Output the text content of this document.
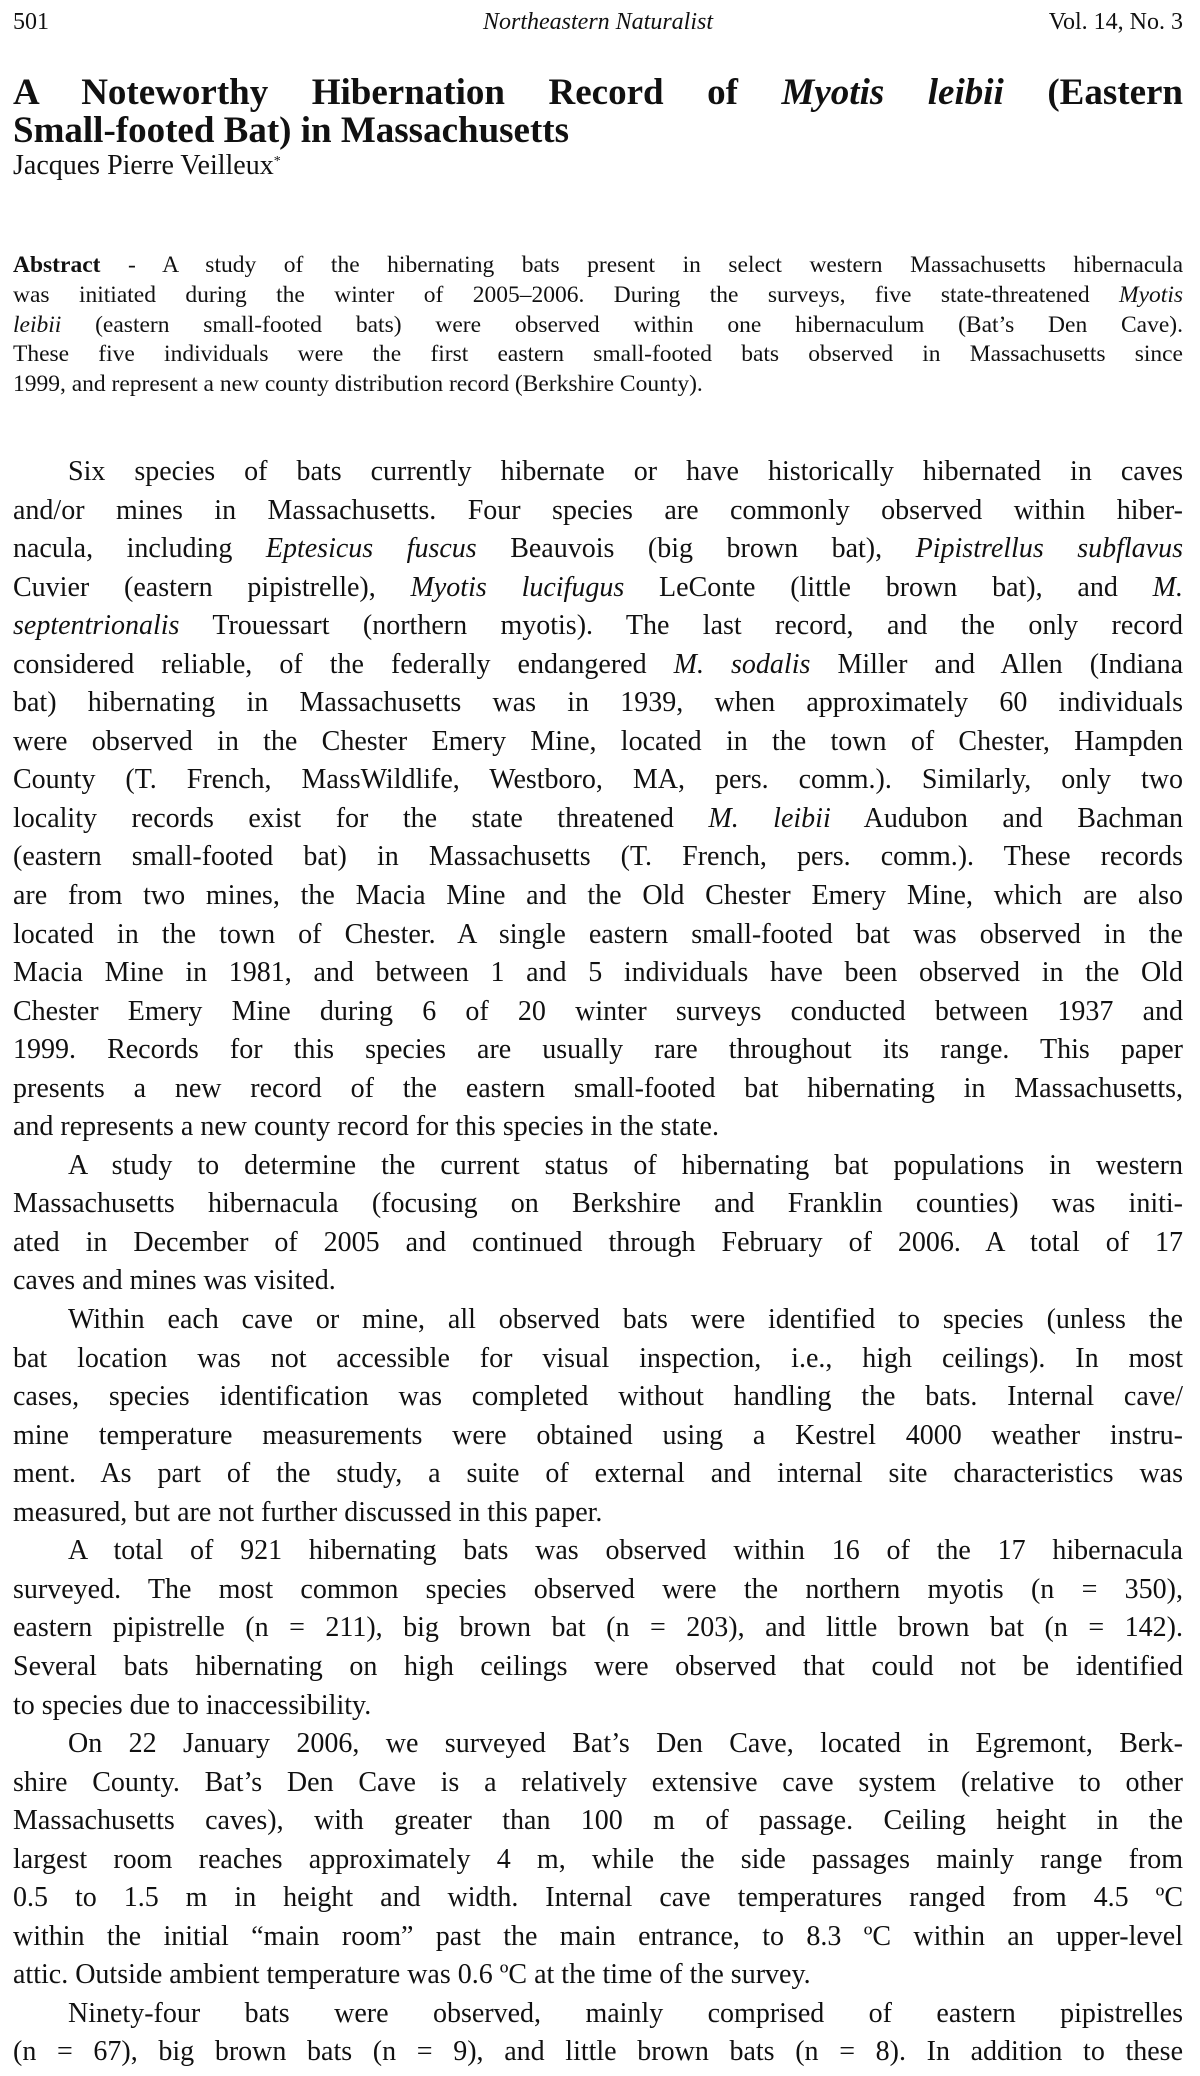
501	Northeastern Naturalist	Vol. 14, No. 3
A Noteworthy Hibernation Record of Myotis leibii (Eastern
Small-footed Bat) in Massachusetts
Jacques Pierre Veilleux*
Abstract - A study of the hibernating bats present in select western Massachusetts hibernacula
was initiated during the winter of 2005–2006. During the surveys, five state-threatened Myotis
leibii (eastern small-footed bats) were observed within one hibernaculum (Bat’s Den Cave).
These five individuals were the first eastern small-footed bats observed in Massachusetts since
1999, and represent a new county distribution record (Berkshire County).
Six species of bats currently hibernate or have historically hibernated in caves
and/or mines in Massachusetts. Four species are commonly observed within hiber-
nacula, including Eptesicus fuscus Beauvois (big brown bat), Pipistrellus subflavus
Cuvier (eastern pipistrelle), Myotis lucifugus LeConte (little brown bat), and M.
septentrionalis Trouessart (northern myotis). The last record, and the only record
considered reliable, of the federally endangered M. sodalis Miller and Allen (Indiana
bat) hibernating in Massachusetts was in 1939, when approximately 60 individuals
were observed in the Chester Emery Mine, located in the town of Chester, Hampden
County (T. French, MassWildlife, Westboro, MA, pers. comm.). Similarly, only two
locality records exist for the state threatened M. leibii Audubon and Bachman
(eastern small-footed bat) in Massachusetts (T. French, pers. comm.). These records
are from two mines, the Macia Mine and the Old Chester Emery Mine, which are also
located in the town of Chester. A single eastern small-footed bat was observed in the
Macia Mine in 1981, and between 1 and 5 individuals have been observed in the Old
Chester Emery Mine during 6 of 20 winter surveys conducted between 1937 and
1999. Records for this species are usually rare throughout its range. This paper
presents a new record of the eastern small-footed bat hibernating in Massachusetts,
and represents a new county record for this species in the state.
A study to determine the current status of hibernating bat populations in western
Massachusetts hibernacula (focusing on Berkshire and Franklin counties) was initi-
ated in December of 2005 and continued through February of 2006. A total of 17
caves and mines was visited.
Within each cave or mine, all observed bats were identified to species (unless the
bat location was not accessible for visual inspection, i.e., high ceilings). In most
cases, species identification was completed without handling the bats. Internal cave/
mine temperature measurements were obtained using a Kestrel 4000 weather instru-
ment. As part of the study, a suite of external and internal site characteristics was
measured, but are not further discussed in this paper.
A total of 921 hibernating bats was observed within 16 of the 17 hibernacula
surveyed. The most common species observed were the northern myotis (n = 350),
eastern pipistrelle (n = 211), big brown bat (n = 203), and little brown bat (n = 142).
Several bats hibernating on high ceilings were observed that could not be identified
to species due to inaccessibility.
On 22 January 2006, we surveyed Bat’s Den Cave, located in Egremont, Berk-
shire County. Bat’s Den Cave is a relatively extensive cave system (relative to other
Massachusetts caves), with greater than 100 m of passage. Ceiling height in the
largest room reaches approximately 4 m, while the side passages mainly range from
0.5 to 1.5 m in height and width. Internal cave temperatures ranged from 4.5 ºC
within the initial “main room” past the main entrance, to 8.3 ºC within an upper-level
attic. Outside ambient temperature was 0.6 ºC at the time of the survey.
Ninety-four bats were observed, mainly comprised of eastern pipistrelles
(n = 67), big brown bats (n = 9), and little brown bats (n = 8). In addition to these
